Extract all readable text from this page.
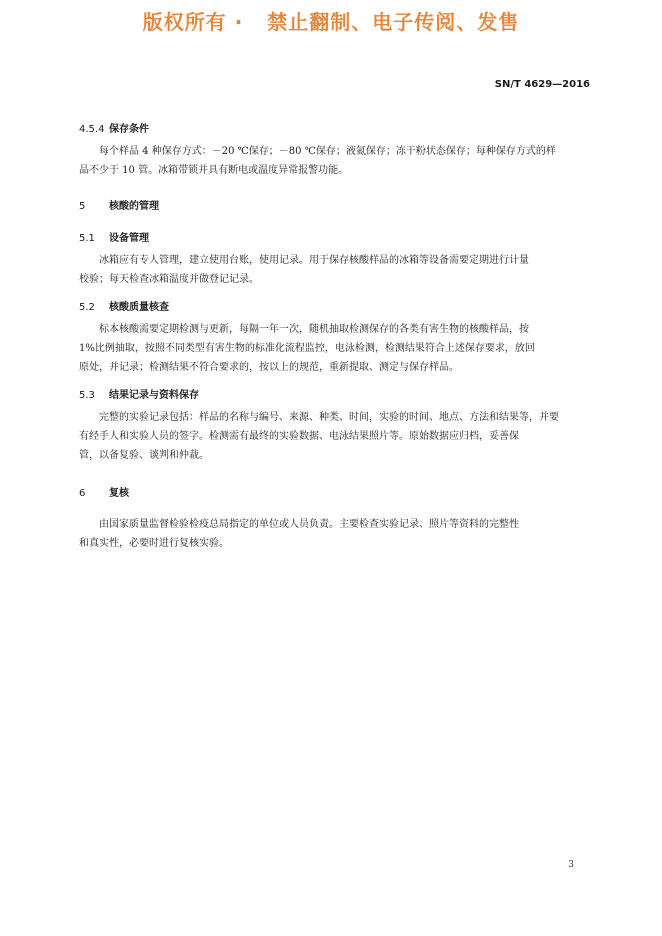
版权所有 ·   禁止翻制、电子传阅、发售
SN/T 4629—2016
4.5.4 保存条件
每个样品 4 种保存方式：－20 ℃保存；－80 ℃保存；液氮保存；冻干粉状态保存；每种保存方式的样
品不少于 10 管。冰箱带锁并具有断电或温度异常报警功能。
5 核酸的管理
5.1 设备管理
冰箱应有专人管理，建立使用台账，使用记录。用于保存核酸样品的冰箱等设备需要定期进行计量
校验；每天检查冰箱温度并做登记记录。
5.2 核酸质量核查
标本核酸需要定期检测与更新，每隔一年一次，随机抽取检测保存的各类有害生物的核酸样品，按
1%比例抽取，按照不同类型有害生物的标准化流程监控，电泳检测，检测结果符合上述保存要求，放回
原处，并记录；检测结果不符合要求的，按以上的规范，重新提取、测定与保存样品。
5.3 结果记录与资料保存
完整的实验记录包括：样品的名称与编号、来源、种类、时间，实验的时间、地点、方法和结果等，并要
有经手人和实验人员的签字。检测需有最终的实验数据、电泳结果照片等。原始数据应归档，妥善保
管，以备复验、谈判和仲裁。
6 复核
由国家质量监督检验检疫总局指定的单位或人员负责。主要检查实验记录、照片等资料的完整性
和真实性，必要时进行复核实验。
3
